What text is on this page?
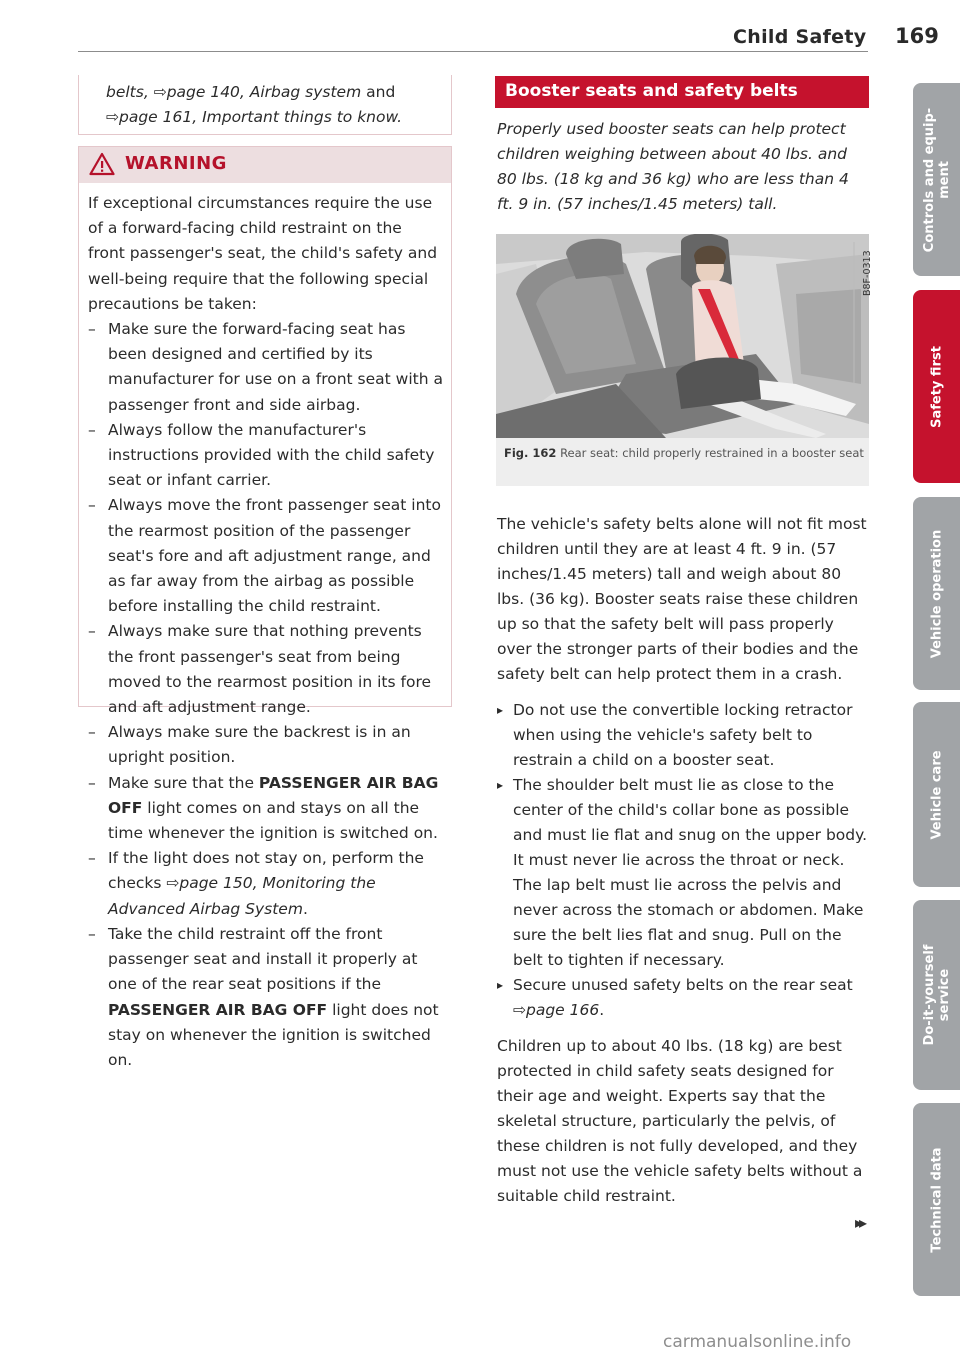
Child Safety 169
belts, ⇨page 140, Airbag system and
⇨page 161, Important things to know.
WARNING

If exceptional circumstances require the use of a forward-facing child restraint on the front passenger's seat, the child's safety and well-being require that the following special precautions be taken:

– Make sure the forward-facing seat has been designed and certified by its manufacturer for use on a front seat with a passenger front and side airbag.
– Always follow the manufacturer's instructions provided with the child safety seat or infant carrier.
– Always move the front passenger seat into the rearmost position of the passenger seat's fore and aft adjustment range, and as far away from the airbag as possible before installing the child restraint.
– Always make sure that nothing prevents the front passenger's seat from being moved to the rearmost position in its fore and aft adjustment range.
– Always make sure the backrest is in an upright position.
– Make sure that the PASSENGER AIR BAG OFF light comes on and stays on all the time whenever the ignition is switched on.
– If the light does not stay on, perform the checks ⇨page 150, Monitoring the Advanced Airbag System.
– Take the child restraint off the front passenger seat and install it properly at one of the rear seat positions if the PASSENGER AIR BAG OFF light does not stay on whenever the ignition is switched on.
Booster seats and safety belts
Properly used booster seats can help protect children weighing between about 40 lbs. and 80 lbs. (18 kg and 36 kg) who are less than 4 ft. 9 in. (57 inches/1.45 meters) tall.
Fig. 162 Rear seat: child properly restrained in a booster seat
B8F-0313

The vehicle's safety belts alone will not fit most children until they are at least 4 ft. 9 in. (57 inches/1.45 meters) tall and weigh about 80 lbs. (36 kg). Booster seats raise these children up so that the safety belt will pass properly over the stronger parts of their bodies and the safety belt can help protect them in a crash.

▸ Do not use the convertible locking retractor when using the vehicle's safety belt to restrain a child on a booster seat.
▸ The shoulder belt must lie as close to the center of the child's collar bone as possible and must lie flat and snug on the upper body. It must never lie across the throat or neck. The lap belt must lie across the pelvis and never across the stomach or abdomen. Make sure the belt lies flat and snug. Pull on the belt to tighten if necessary.
▸ Secure unused safety belts on the rear seat ⇨page 166.

Children up to about 40 lbs. (18 kg) are best protected in child safety seats designed for their age and weight. Experts say that the skeletal structure, particularly the pelvis, of these children is not fully developed, and they must not use the vehicle safety belts without a suitable child restraint.

▸▸
Controls and equip-
ment
Safety first
Vehicle operation
Vehicle care
Do-it-yourself
service
Technical data
carmanualsonline.info
